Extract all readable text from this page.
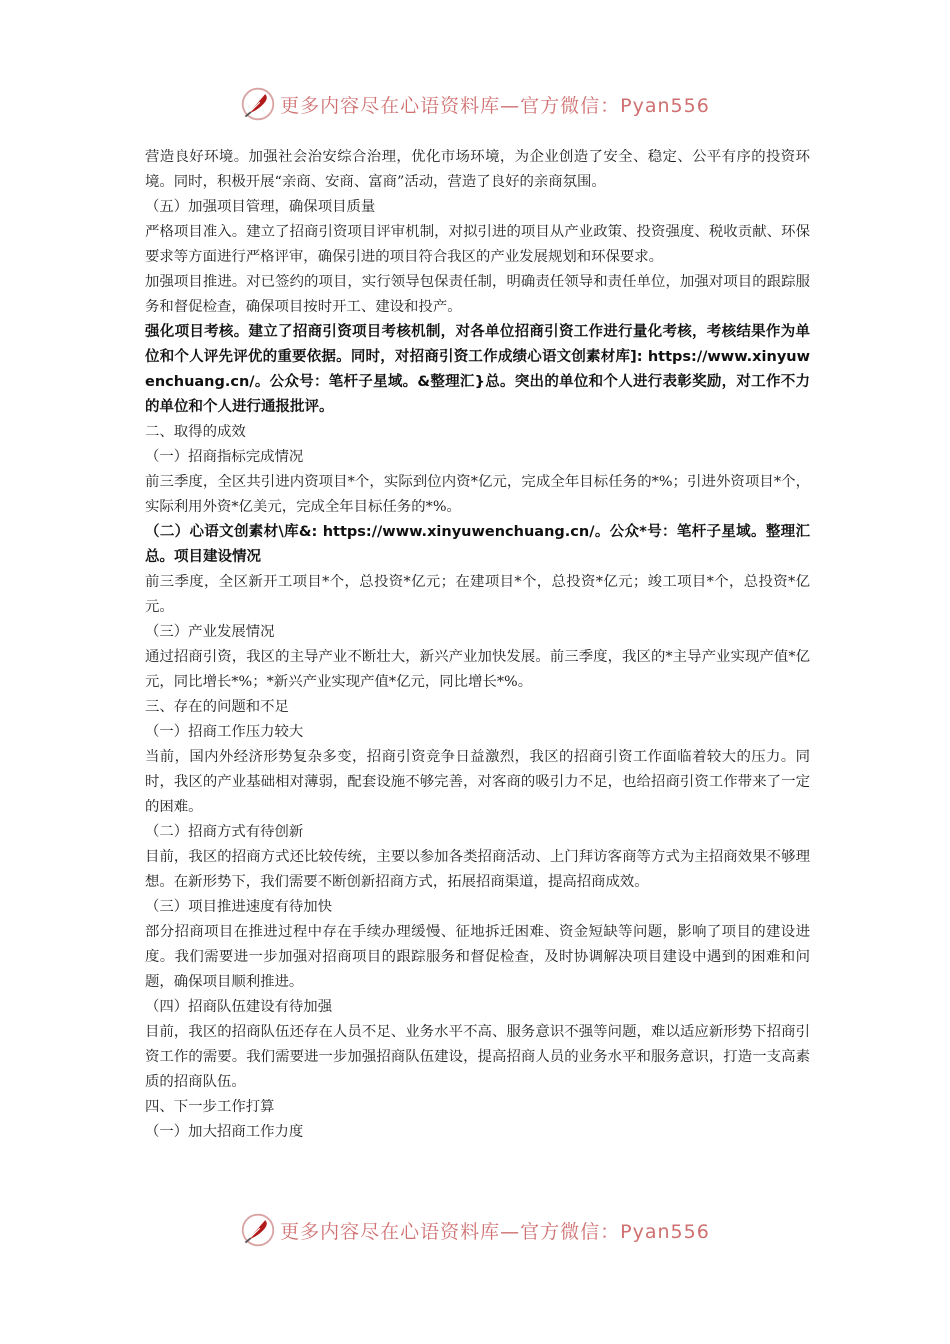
更多内容尽在心语资料库—官方微信：Pyan556

营造良好环境。加强社会治安综合治理，优化市场环境，为企业创造了安全、稳定、公平有序的投资环境。同时，积极开展“亲商、安商、富商”活动，营造了良好的亲商氛围。

（五）加强项目管理，确保项目质量

严格项目准入。建立了招商引资项目评审机制，对拟引进的项目从产业政策、投资强度、税收贡献、环保要求等方面进行严格评审，确保引进的项目符合我区的产业发展规划和环保要求。

加强项目推进。对已签约的项目，实行领导包保责任制，明确责任领导和责任单位，加强对项目的跟踪服务和督促检查，确保项目按时开工、建设和投产。

强化项目考核。建立了招商引资项目考核机制，对各单位招商引资工作进行量化考核，考核结果作为单位和个人评先评优的重要依据。同时，对招商引资工作成绩心语文创素材库]: https://www.xinyuwenchuang.cn/。公众号：笔杆子星域。&整理汇}总。突出的单位和个人进行表彰奖励，对工作不力的单位和个人进行通报批评。

二、取得的成效

（一）招商指标完成情况

前三季度，全区共引进内资项目*个，实际到位内资*亿元，完成全年目标任务的*%；引进外资项目*个，实际利用外资*亿美元，完成全年目标任务的*%。

（二）心语文创素材\库&: https://www.xinyuwenchuang.cn/。公众*号：笔杆子星域。整理汇总。项目建设情况

前三季度，全区新开工项目*个，总投资*亿元；在建项目*个，总投资*亿元；竣工项目*个，总投资*亿元。

（三）产业发展情况

通过招商引资，我区的主导产业不断壮大，新兴产业加快发展。前三季度，我区的*主导产业实现产值*亿元，同比增长*%；*新兴产业实现产值*亿元，同比增长*%。

三、存在的问题和不足

（一）招商工作压力较大

当前，国内外经济形势复杂多变，招商引资竞争日益激烈，我区的招商引资工作面临着较大的压力。同时，我区的产业基础相对薄弱，配套设施不够完善，对客商的吸引力不足，也给招商引资工作带来了一定的困难。

（二）招商方式有待创新

目前，我区的招商方式还比较传统，主要以参加各类招商活动、上门拜访客商等方式为主招商效果不够理想。在新形势下，我们需要不断创新招商方式，拓展招商渠道，提高招商成效。

（三）项目推进速度有待加快

部分招商项目在推进过程中存在手续办理缓慢、征地拆迁困难、资金短缺等问题，影响了项目的建设进度。我们需要进一步加强对招商项目的跟踪服务和督促检查，及时协调解决项目建设中遇到的困难和问题，确保项目顺利推进。

（四）招商队伍建设有待加强

目前，我区的招商队伍还存在人员不足、业务水平不高、服务意识不强等问题，难以适应新形势下招商引资工作的需要。我们需要进一步加强招商队伍建设，提高招商人员的业务水平和服务意识，打造一支高素质的招商队伍。

四、下一步工作打算

（一）加大招商工作力度

更多内容尽在心语资料库—官方微信：Pyan556
